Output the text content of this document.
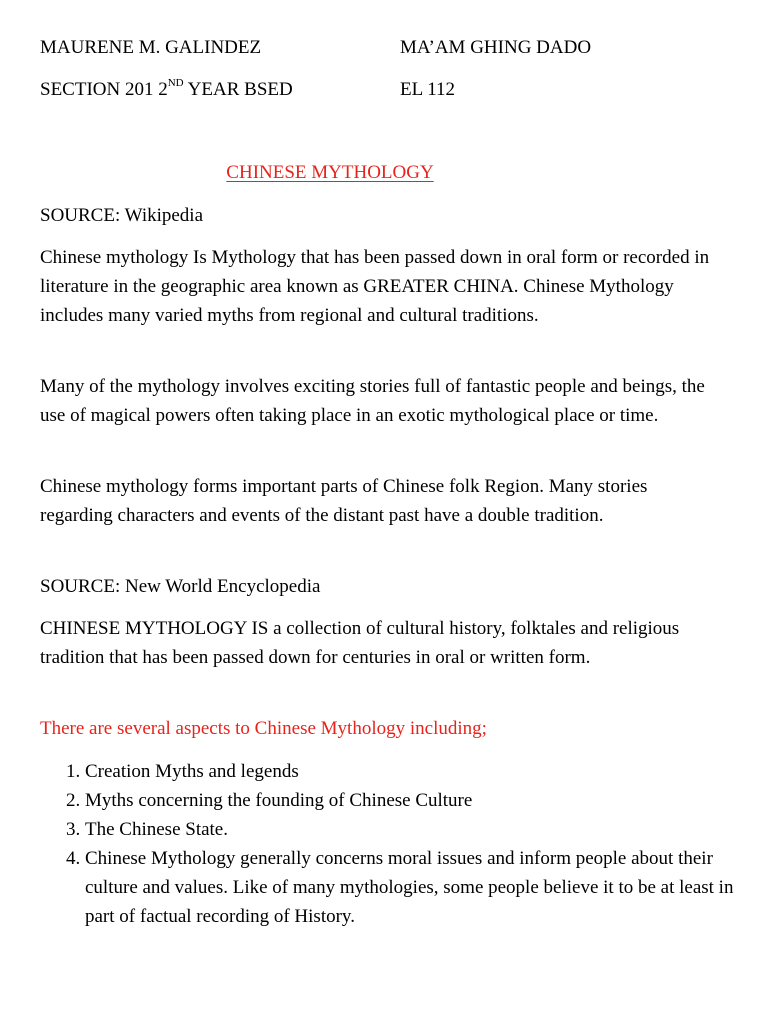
MAURENE M. GALINDEZ	MA’AM GHING DADO
SECTION 201 2ND YEAR BSED	EL 112
CHINESE MYTHOLOGY
SOURCE: Wikipedia
Chinese mythology Is Mythology that has been passed down in oral form or recorded in literature in the geographic area known as GREATER CHINA. Chinese Mythology includes many varied myths from regional and cultural traditions.
Many of the mythology involves exciting stories full of fantastic people and beings, the use of magical powers often taking place in an exotic mythological place or time.
Chinese mythology forms important parts of Chinese folk Region. Many stories regarding characters and events of the distant past have a double tradition.
SOURCE: New World Encyclopedia
CHINESE MYTHOLOGY IS a collection of cultural history, folktales and religious tradition that has been passed down for centuries in oral or written form.
There are several aspects to Chinese Mythology including;
1. Creation Myths and legends
2. Myths concerning the founding of Chinese Culture
3. The Chinese State.
4. Chinese Mythology generally concerns moral issues and inform people about their culture and values. Like of many mythologies, some people believe it to be at least in part of factual recording of History.
